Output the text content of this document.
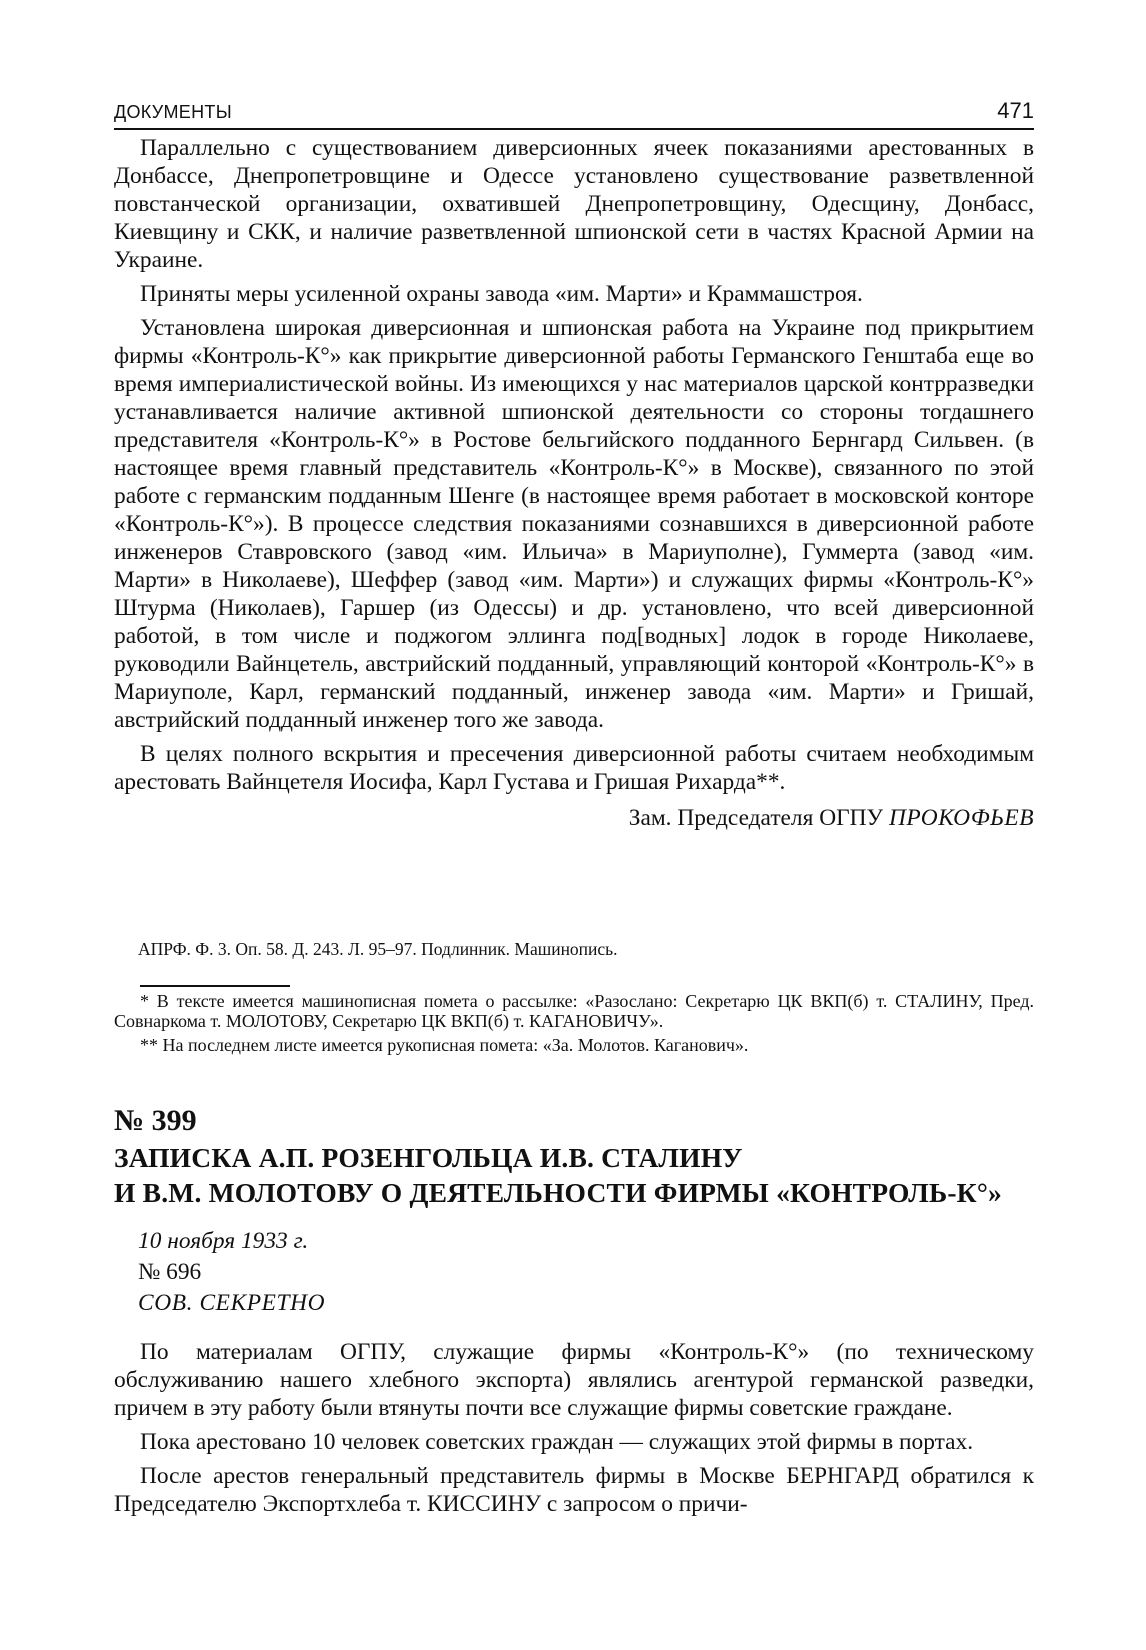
ДОКУМЕНТЫ	471

Параллельно с существованием диверсионных ячеек показаниями арестованных в Донбассе, Днепропетровщине и Одессе установлено существование разветвленной повстанческой организации, охватившей Днепропетровщину, Одесщину, Донбасс, Киевщину и СКК, и наличие разветвленной шпионской сети в частях Красной Армии на Украине.

Приняты меры усиленной охраны завода «им. Марти» и Краммашстроя.

Установлена широкая диверсионная и шпионская работа на Украине под прикрытием фирмы «Контроль-К°» как прикрытие диверсионной работы Германского Генштаба еще во время империалистической войны. Из имеющихся у нас материалов царской контрразведки устанавливается наличие активной шпионской деятельности со стороны тогдашнего представителя «Контроль-К°» в Ростове бельгийского подданного Бернгард Сильвен. (в настоящее время главный представитель «Контроль-К°» в Москве), связанного по этой работе с германским подданным Шенге (в настоящее время работает в московской конторе «Контроль-К°»). В процессе следствия показаниями сознавшихся в диверсионной работе инженеров Ставровского (завод «им. Ильича» в Мариуполне), Гуммерта (завод «им. Марти» в Николаеве), Шеффер (завод «им. Марти») и служащих фирмы «Контроль-К°» Штурма (Николаев), Гаршер (из Одессы) и др. установлено, что всей диверсионной работой, в том числе и поджогом эллинга под[водных] лодок в городе Николаеве, руководили Вайнцетель, австрийский подданный, управляющий конторой «Контроль-К°» в Мариуполе, Карл, германский подданный, инженер завода «им. Марти» и Гришай, австрийский подданный инженер того же завода.

В целях полного вскрытия и пресечения диверсионной работы считаем необходимым арестовать Вайнцетеля Иосифа, Карл Густава и Гришая Рихарда**.

Зам. Председателя ОГПУ ПРОКОФЬЕВ
АПРФ. Ф. 3. Оп. 58. Д. 243. Л. 95–97. Подлинник. Машинопись.

* В тексте имеется машинописная помета о рассылке: «Разослано: Секретарю ЦК ВКП(б) т. СТАЛИНУ, Пред. Совнаркома т. МОЛОТОВУ, Секретарю ЦК ВКП(б) т. КАГАНОВИЧУ».

** На последнем листе имеется рукописная помета: «За. Молотов. Каганович».

№ 399
ЗАПИСКА А.П. РОЗЕНГОЛЬЦА И.В. СТАЛИНУ
И В.М. МОЛОТОВУ О ДЕЯТЕЛЬНОСТИ ФИРМЫ «КОНТРОЛЬ-К°»
10 ноября 1933 г.
№ 696
СОВ. СЕКРЕТНО

По материалам ОГПУ, служащие фирмы «Контроль-К°» (по техническому обслуживанию нашего хлебного экспорта) являлись агентурой германской разведки, причем в эту работу были втянуты почти все служащие фирмы советские граждане.

Пока арестовано 10 человек советских граждан — служащих этой фирмы в портах.

После арестов генеральный представитель фирмы в Москве БЕРНГАРД обратился к Председателю Экспортхлеба т. КИССИНУ с запросом о причи-
